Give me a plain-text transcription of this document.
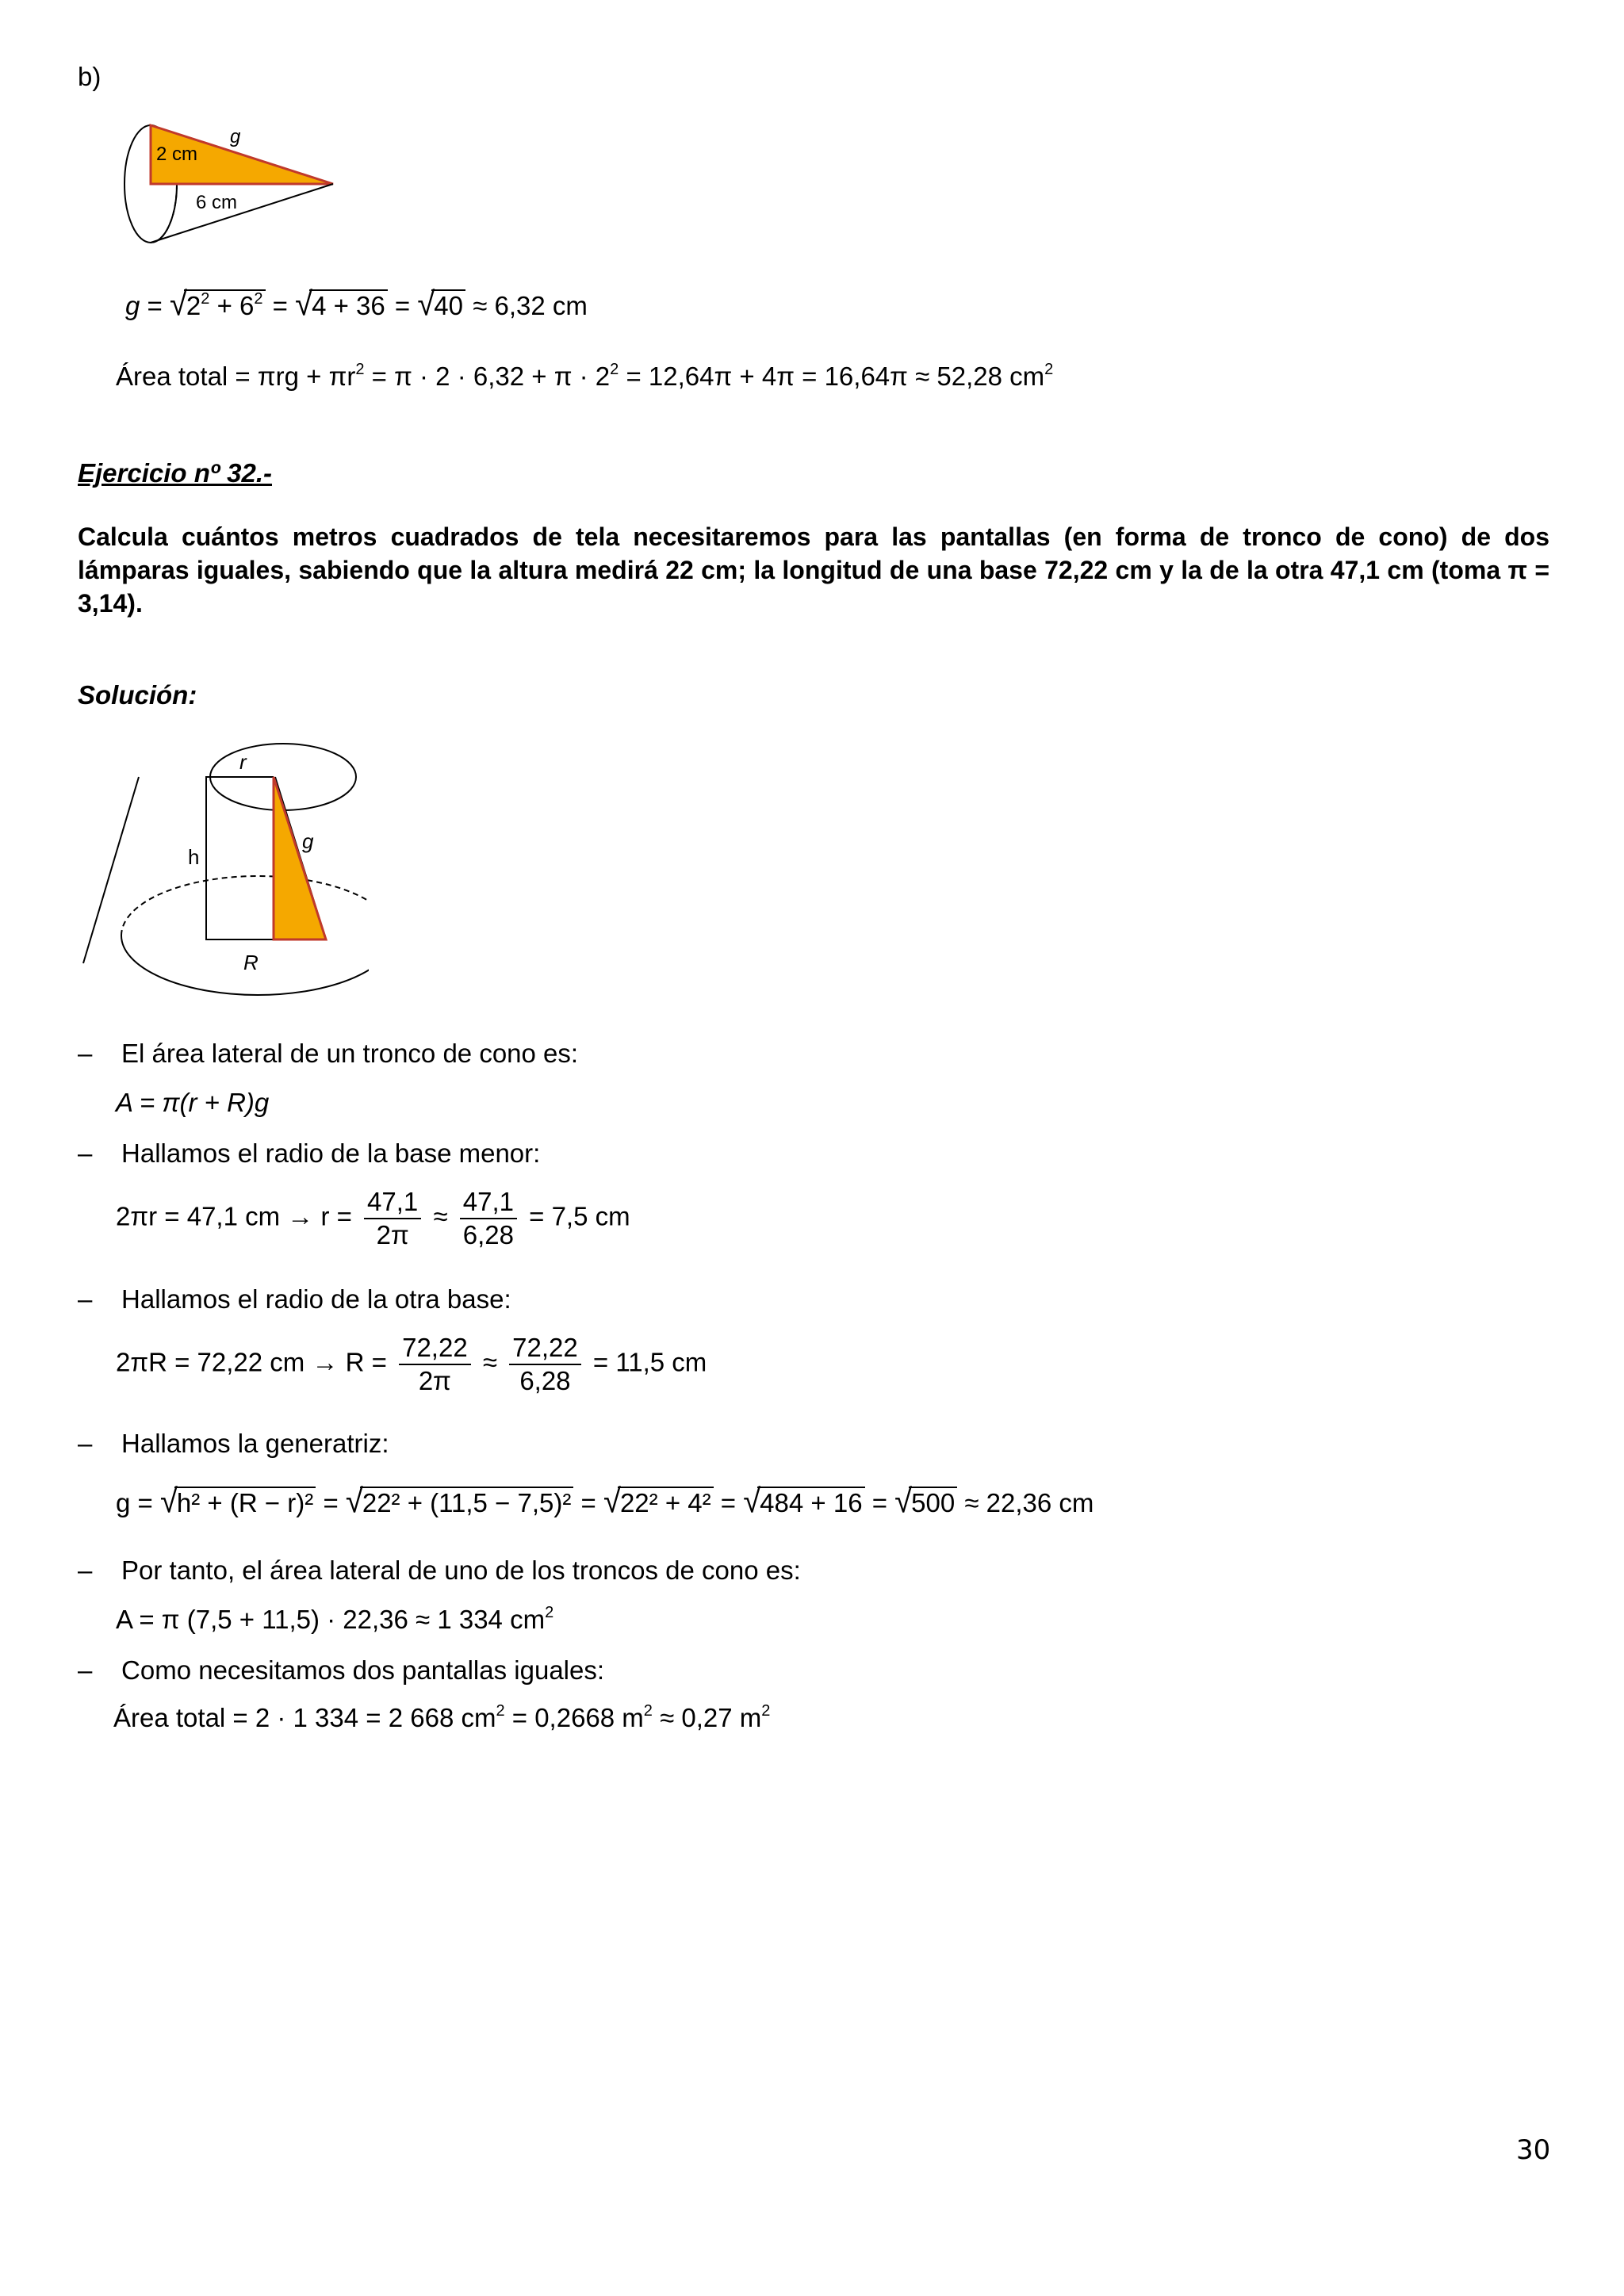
b)
2 cm
6 cm
g
$g = √2^2 + 6^2 = √4 + 36 = √40 \approx 6,32$ cm
Área total = $\pi rg + \pi r^2 = \pi \cdot 2 \cdot 6,32 + \pi \cdot 2^2 = 12,64\pi + 4\pi = 16,64\pi \approx 52,28$ $cm^2$
Ejercicio nº 32.-
Calcula cuántos metros cuadrados de tela necesitaremos para las pantallas (en forma de tronco de cono) de dos lámparas iguales, sabiendo que la altura medirá 22 cm; la longitud de una base 72,22 cm y la de la otra 47,1 cm (toma π = 3,14).
Solución:
r
h
g
R
–    El área lateral de un tronco de cono es:
A = π(r + R)g
–    Hallamos el radio de la base menor:
2πr = 47,1 cm → $r = \frac{47,1}{2\pi} \approx \frac{47,1}{6,28} = 7,5$ cm
–    Hallamos el radio de la otra base:
2πR = 72,22 cm → $R = \frac{72,22}{2\pi} \approx \frac{72,22}{6,28} = 11,5$ cm
–    Hallamos la generatriz:
g = √h² + (R − r)² = √22² + (11,5 − 7,5)² = √22² + 4² = √484 + 16 = √500 ≈ 22,36 cm
–    Por tanto, el área lateral de uno de los troncos de cono es:
A = π (7,5 + 11,5) · 22,36 ≈ 1 334 $cm^2$
–    Como necesitamos dos pantallas iguales:
Área total = 2 · 1 334 = 2 668 $cm^2 = 0,2668$ $m^2 \approx 0,27$ $m^2$
30
